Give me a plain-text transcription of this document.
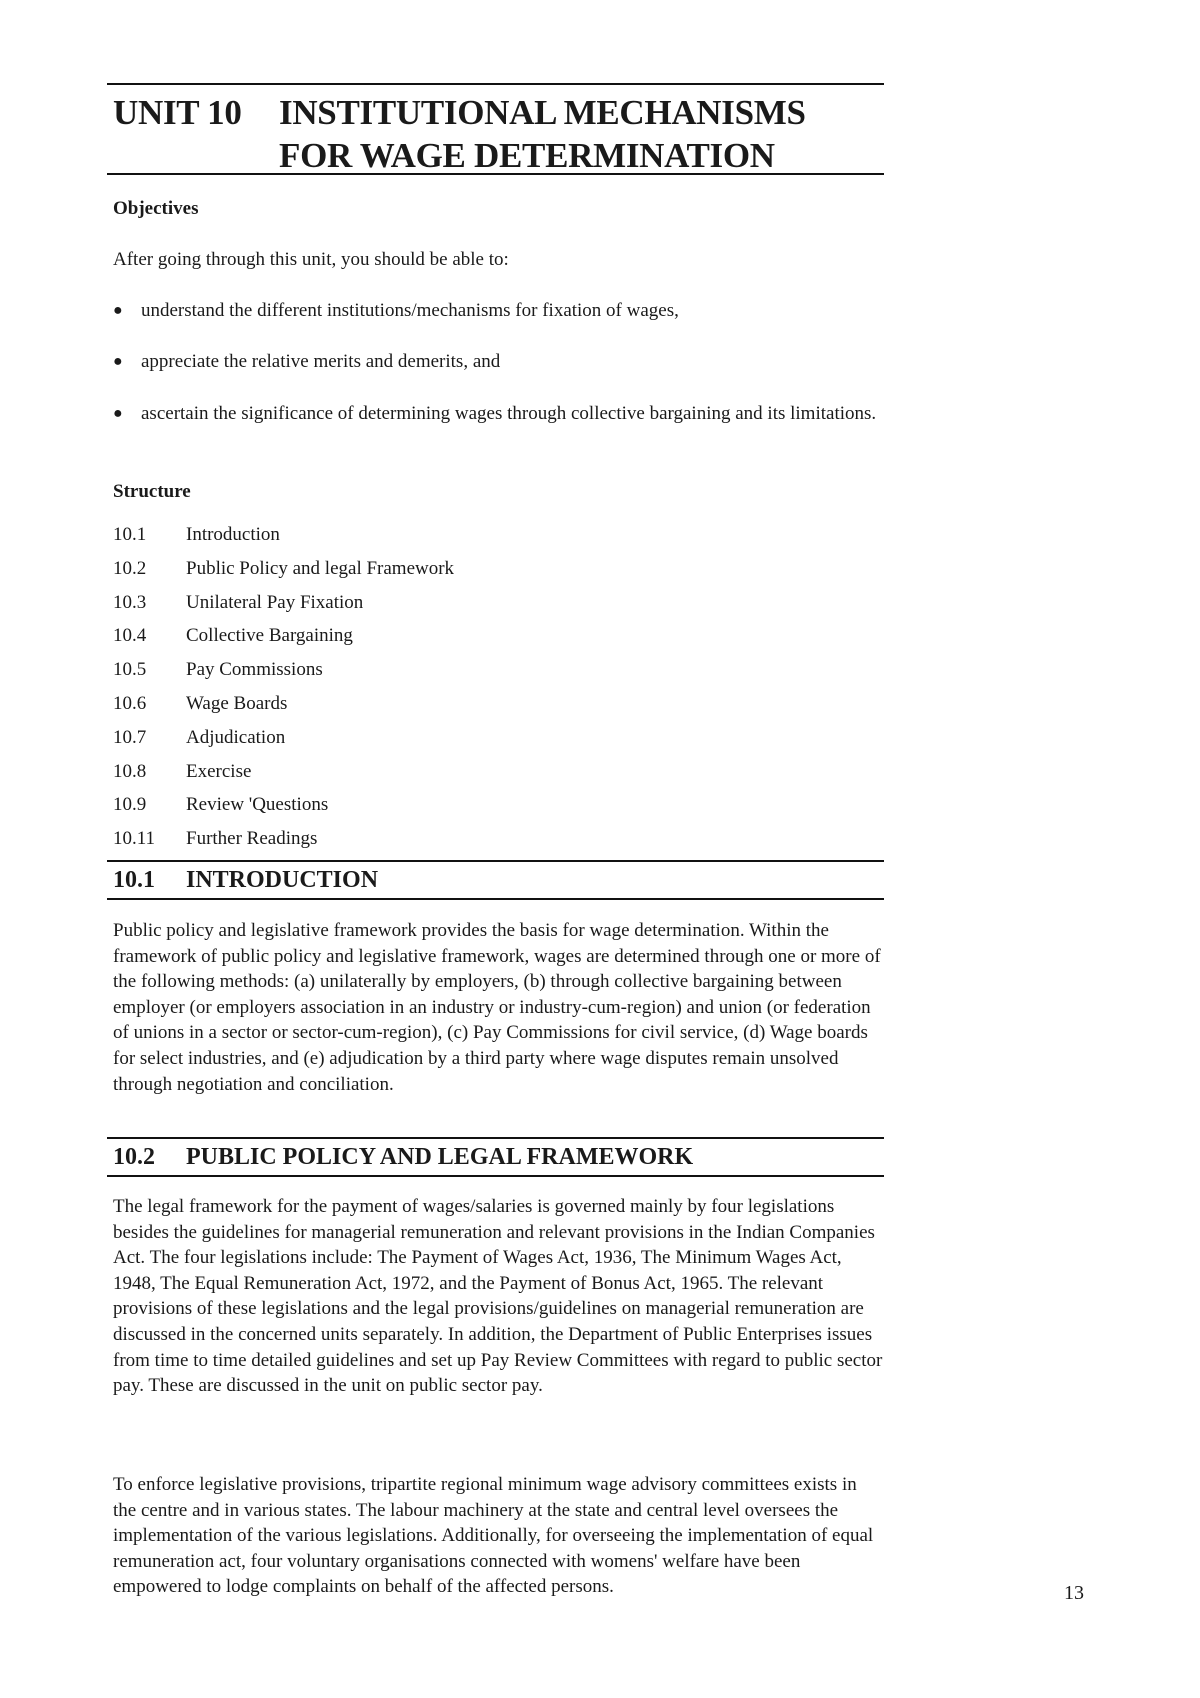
UNIT 10	INSTITUTIONAL MECHANISMS
FOR WAGE DETERMINATION

Objectives

After going through this unit, you should be able to:

● understand the different institutions/mechanisms for fixation of wages,
● appreciate the relative merits and demerits, and
● ascertain the significance of determining wages through collective bargaining and its limitations.

Structure

10.1	Introduction
10.2	Public Policy and legal Framework
10.3	Unilateral Pay Fixation
10.4	Collective Bargaining
10.5	Pay Commissions
10.6	Wage Boards
10.7	Adjudication
10.8	Exercise
10.9	Review 'Questions
10.11	Further Readings
10.1	INTRODUCTION

Public policy and legislative framework provides the basis for wage determination. Within the framework of public policy and legislative framework, wages are determined through one or more of the following methods: (a) unilaterally by employers, (b) through collective bargaining between employer (or employers association in an industry or industry-cum-region) and union (or federation of unions in a sector or sector-cum-region), (c) Pay Commissions for civil service, (d) Wage boards for select industries, and (e) adjudication by a third party where wage disputes remain unsolved through negotiation and conciliation.

10.2	PUBLIC POLICY AND LEGAL FRAMEWORK

The legal framework for the payment of wages/salaries is governed mainly by four legislations besides the guidelines for managerial remuneration and relevant provisions in the Indian Companies Act. The four legislations include: The Payment of Wages Act, 1936, The Minimum Wages Act, 1948, The Equal Remuneration Act, 1972, and the Payment of Bonus Act, 1965. The relevant provisions of these legislations and the legal provisions/guidelines on managerial remuneration are discussed in the concerned units separately. In addition, the Department of Public Enterprises issues from time to time detailed guidelines and set up Pay Review Committees with regard to public sector pay. These are discussed in the unit on public sector pay.

To enforce legislative provisions, tripartite regional minimum wage advisory committees exists in the centre and in various states. The labour machinery at the state and central level oversees the implementation of the various legislations. Additionally, for overseeing the implementation of equal remuneration act, four voluntary organisations connected with womens' welfare have been empowered to lodge complaints on behalf of the affected persons.	13
